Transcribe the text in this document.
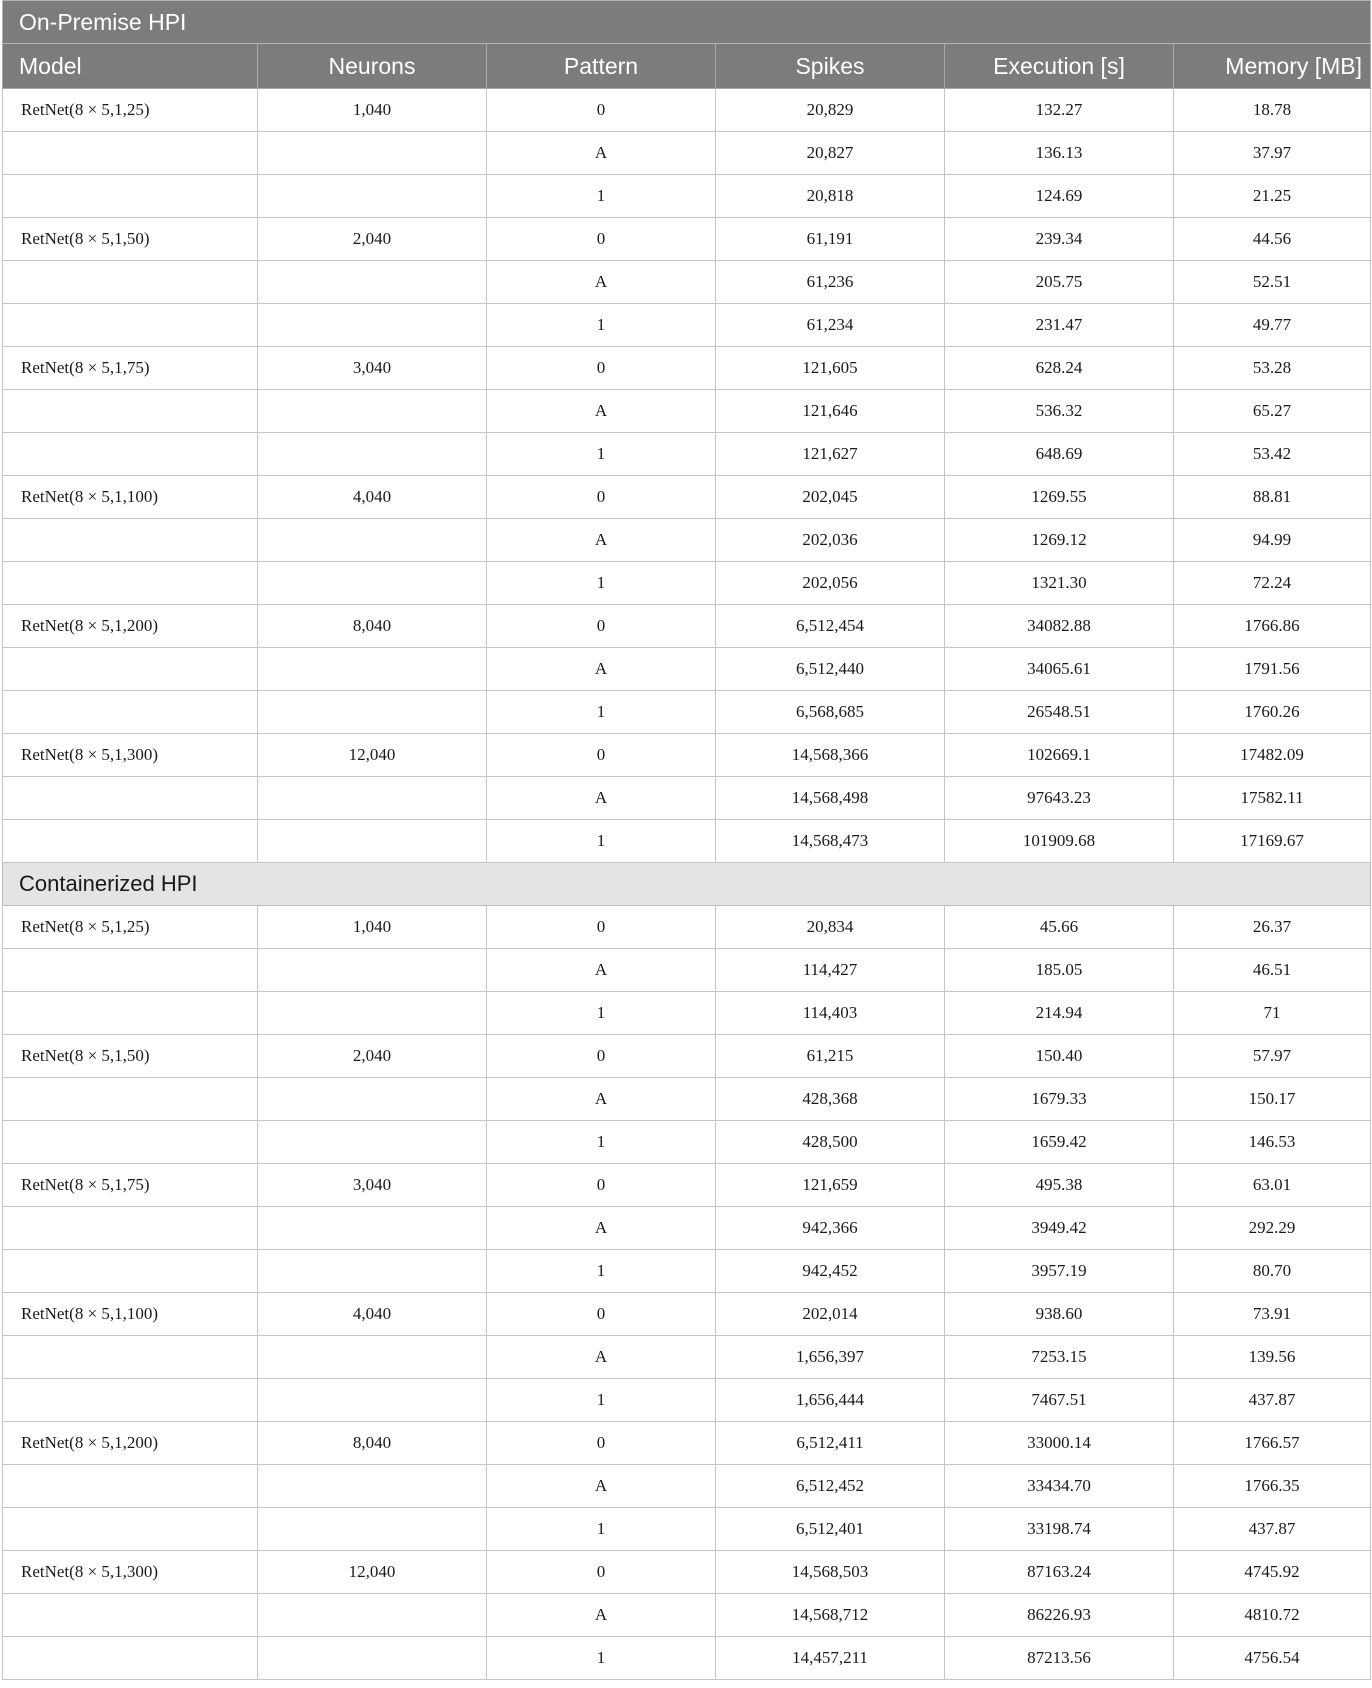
On-Premise HPI					
Model	Neurons	Pattern	Spikes	Execution [s]	Memory [MB]
RetNet(8 × 5,1,25)	1,040	0	20,829	132.27	18.78
		A	20,827	136.13	37.97
		1	20,818	124.69	21.25
RetNet(8 × 5,1,50)	2,040	0	61,191	239.34	44.56
		A	61,236	205.75	52.51
		1	61,234	231.47	49.77
RetNet(8 × 5,1,75)	3,040	0	121,605	628.24	53.28
		A	121,646	536.32	65.27
		1	121,627	648.69	53.42
RetNet(8 × 5,1,100)	4,040	0	202,045	1269.55	88.81
		A	202,036	1269.12	94.99
		1	202,056	1321.30	72.24
RetNet(8 × 5,1,200)	8,040	0	6,512,454	34082.88	1766.86
		A	6,512,440	34065.61	1791.56
		1	6,568,685	26548.51	1760.26
RetNet(8 × 5,1,300)	12,040	0	14,568,366	102669.1	17482.09
		A	14,568,498	97643.23	17582.11
		1	14,568,473	101909.68	17169.67
Containerized HPI					
RetNet(8 × 5,1,25)	1,040	0	20,834	45.66	26.37
		A	114,427	185.05	46.51
		1	114,403	214.94	71
RetNet(8 × 5,1,50)	2,040	0	61,215	150.40	57.97
		A	428,368	1679.33	150.17
		1	428,500	1659.42	146.53
RetNet(8 × 5,1,75)	3,040	0	121,659	495.38	63.01
		A	942,366	3949.42	292.29
		1	942,452	3957.19	80.70
RetNet(8 × 5,1,100)	4,040	0	202,014	938.60	73.91
		A	1,656,397	7253.15	139.56
		1	1,656,444	7467.51	437.87
RetNet(8 × 5,1,200)	8,040	0	6,512,411	33000.14	1766.57
		A	6,512,452	33434.70	1766.35
		1	6,512,401	33198.74	437.87
RetNet(8 × 5,1,300)	12,040	0	14,568,503	87163.24	4745.92
		A	14,568,712	86226.93	4810.72
		1	14,457,211	87213.56	4756.54
